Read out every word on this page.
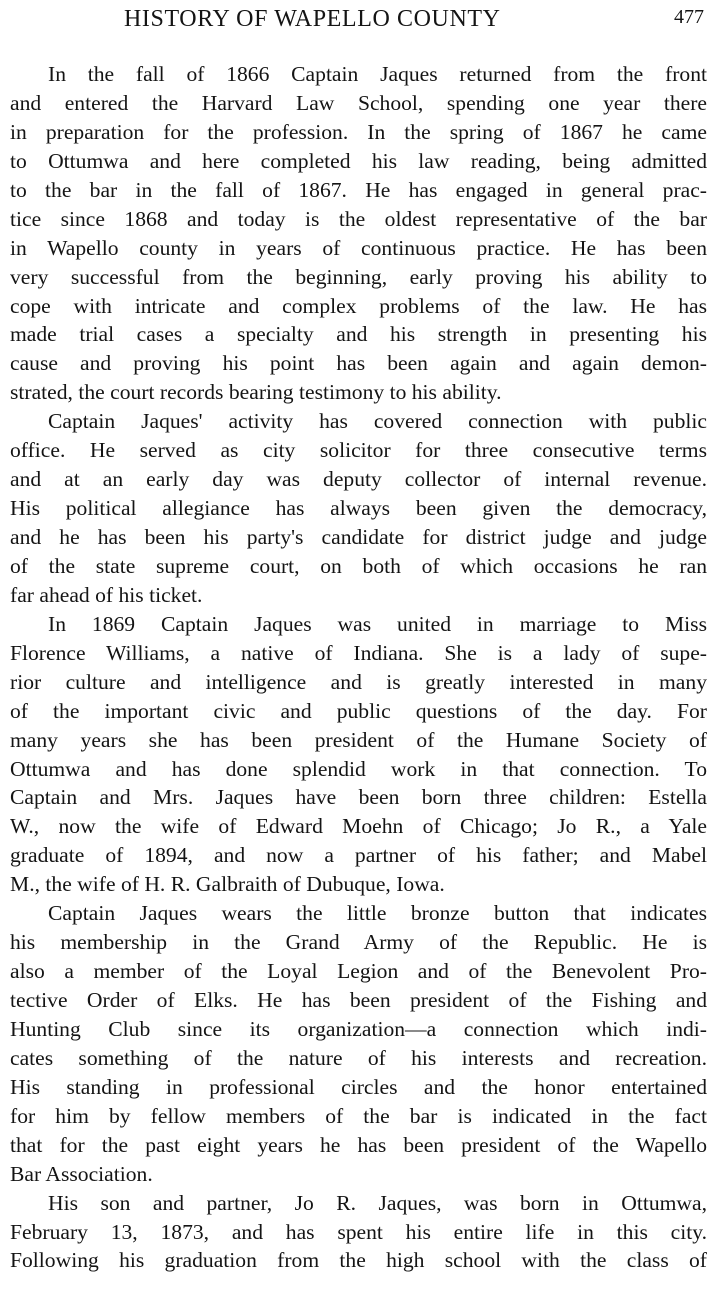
HISTORY OF WAPELLO COUNTY	477
In the fall of 1866 Captain Jaques returned from the front
and entered the Harvard Law School, spending one year there
in preparation for the profession. In the spring of 1867 he came
to Ottumwa and here completed his law reading, being admitted
to the bar in the fall of 1867. He has engaged in general prac-
tice since 1868 and today is the oldest representative of the bar
in Wapello county in years of continuous practice. He has been
very successful from the beginning, early proving his ability to
cope with intricate and complex problems of the law. He has
made trial cases a specialty and his strength in presenting his
cause and proving his point has been again and again demon-
strated, the court records bearing testimony to his ability.
Captain Jaques' activity has covered connection with public
office. He served as city solicitor for three consecutive terms
and at an early day was deputy collector of internal revenue.
His political allegiance has always been given the democracy,
and he has been his party's candidate for district judge and judge
of the state supreme court, on both of which occasions he ran
far ahead of his ticket.
In 1869 Captain Jaques was united in marriage to Miss
Florence Williams, a native of Indiana. She is a lady of supe-
rior culture and intelligence and is greatly interested in many
of the important civic and public questions of the day. For
many years she has been president of the Humane Society of
Ottumwa and has done splendid work in that connection. To
Captain and Mrs. Jaques have been born three children: Estella
W., now the wife of Edward Moehn of Chicago; Jo R., a Yale
graduate of 1894, and now a partner of his father; and Mabel
M., the wife of H. R. Galbraith of Dubuque, Iowa.
Captain Jaques wears the little bronze button that indicates
his membership in the Grand Army of the Republic. He is
also a member of the Loyal Legion and of the Benevolent Pro-
tective Order of Elks. He has been president of the Fishing and
Hunting Club since its organization—a connection which indi-
cates something of the nature of his interests and recreation.
His standing in professional circles and the honor entertained
for him by fellow members of the bar is indicated in the fact
that for the past eight years he has been president of the Wapello
Bar Association.
His son and partner, Jo R. Jaques, was born in Ottumwa,
February 13, 1873, and has spent his entire life in this city.
Following his graduation from the high school with the class of
